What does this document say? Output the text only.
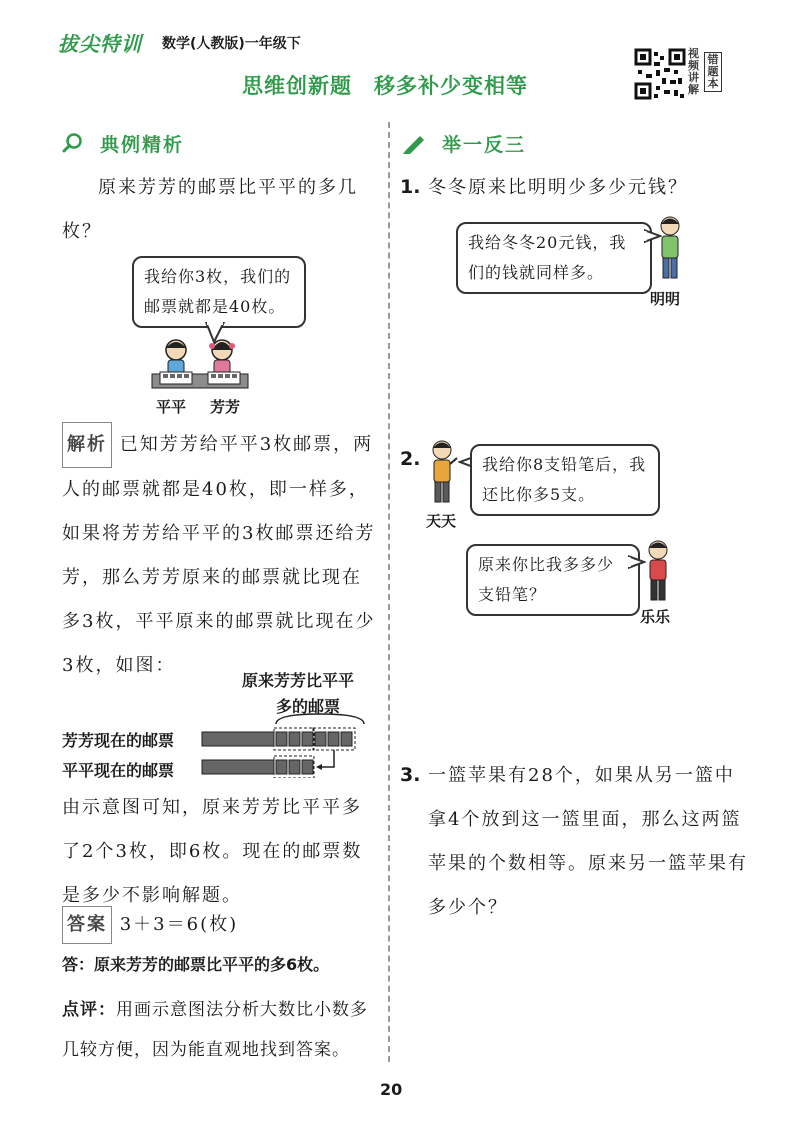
拔尖特训 数学(人教版)一年级下
思维创新题　移多补少变相等
视频讲解
错题本
典例精析
原来芳芳的邮票比平平的多几枚？
我给你3枚，我们的邮票就都是40枚。
平平 芳芳
解析 已知芳芳给平平3枚邮票，两人的邮票就都是40枚，即一样多，如果将芳芳给平平的3枚邮票还给芳芳，那么芳芳原来的邮票就比现在多3枚，平平原来的邮票就比现在少3枚，如图：
原来芳芳比平平
多的邮票
芳芳现在的邮票
平平现在的邮票
由示意图可知，原来芳芳比平平多了2个3枚，即6枚。现在的邮票数是多少不影响解题。
答案 3＋3＝6(枚)
答：原来芳芳的邮票比平平的多6枚。
点评：用画示意图法分析大数比小数多几较方便，因为能直观地找到答案。
举一反三
1. 冬冬原来比明明少多少元钱？
我给冬冬20元钱，我们的钱就同样多。
明明
2.
天天
我给你8支铅笔后，我还比你多5支。
原来你比我多多少支铅笔？
乐乐
3. 一篮苹果有28个，如果从另一篮中拿4个放到这一篮里面，那么这两篮苹果的个数相等。原来另一篮苹果有多少个？
20
